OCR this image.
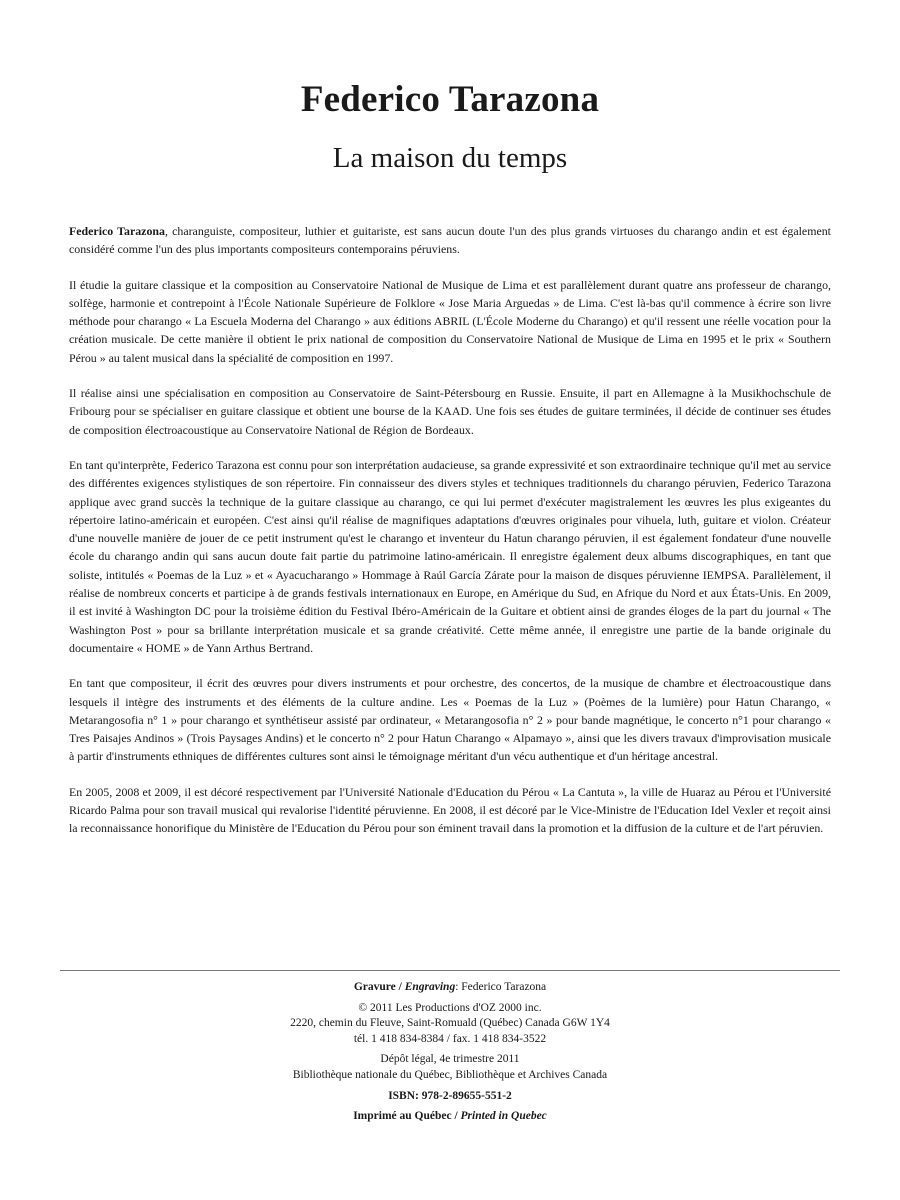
Federico Tarazona
La maison du temps

Federico Tarazona, charanguiste, compositeur, luthier et guitariste, est sans aucun doute l'un des plus grands virtuoses du charango andin et est également considéré comme l'un des plus importants compositeurs contemporains péruviens.

Il étudie la guitare classique et la composition au Conservatoire National de Musique de Lima et est parallèlement durant quatre ans professeur de charango, solfège, harmonie et contrepoint à l'École Nationale Supérieure de Folklore « Jose Maria Arguedas » de Lima. C'est là-bas qu'il commence à écrire son livre méthode pour charango « La Escuela Moderna del Charango » aux éditions ABRIL (L'École Moderne du Charango) et qu'il ressent une réelle vocation pour la création musicale. De cette manière il obtient le prix national de composition du Conservatoire National de Musique de Lima en 1995 et le prix « Southern Pérou » au talent musical dans la spécialité de composition en 1997.

Il réalise ainsi une spécialisation en composition au Conservatoire de Saint-Pétersbourg en Russie. Ensuite, il part en Allemagne à la Musikhochschule de Fribourg pour se spécialiser en guitare classique et obtient une bourse de la KAAD. Une fois ses études de guitare terminées, il décide de continuer ses études de composition électroacoustique au Conservatoire National de Région de Bordeaux.

En tant qu'interprète, Federico Tarazona est connu pour son interprétation audacieuse, sa grande expressivité et son extraordinaire technique qu'il met au service des différentes exigences stylistiques de son répertoire. Fin connaisseur des divers styles et techniques traditionnels du charango péruvien, Federico Tarazona applique avec grand succès la technique de la guitare classique au charango, ce qui lui permet d'exécuter magistralement les œuvres les plus exigeantes du répertoire latino-américain et européen. C'est ainsi qu'il réalise de magnifiques adaptations d'œuvres originales pour vihuela, luth, guitare et violon. Créateur d'une nouvelle manière de jouer de ce petit instrument qu'est le charango et inventeur du Hatun charango péruvien, il est également fondateur d'une nouvelle école du charango andin qui sans aucun doute fait partie du patrimoine latino-américain. Il enregistre également deux albums discographiques, en tant que soliste, intitulés « Poemas de la Luz » et « Ayacucharango » Hommage à Raúl García Zárate pour la maison de disques péruvienne IEMPSA. Parallèlement, il réalise de nombreux concerts et participe à de grands festivals internationaux en Europe, en Amérique du Sud, en Afrique du Nord et aux États-Unis. En 2009, il est invité à Washington DC pour la troisième édition du Festival Ibéro-Américain de la Guitare et obtient ainsi de grandes éloges de la part du journal « The Washington Post » pour sa brillante interprétation musicale et sa grande créativité. Cette même année, il enregistre une partie de la bande originale du documentaire « HOME » de Yann Arthus Bertrand.

En tant que compositeur, il écrit des œuvres pour divers instruments et pour orchestre, des concertos, de la musique de chambre et électroacoustique dans lesquels il intègre des instruments et des éléments de la culture andine. Les « Poemas de la Luz » (Poèmes de la lumière) pour Hatun Charango, « Metarangosofia n° 1 » pour charango et synthétiseur assisté par ordinateur, « Metarangosofia n° 2 » pour bande magnétique, le concerto n°1 pour charango « Tres Paisajes Andinos » (Trois Paysages Andins) et le concerto n° 2 pour Hatun Charango « Alpamayo », ainsi que les divers travaux d'improvisation musicale à partir d'instruments ethniques de différentes cultures sont ainsi le témoignage méritant d'un vécu authentique et d'un héritage ancestral.

En 2005, 2008 et 2009, il est décoré respectivement par l'Université Nationale d'Education du Pérou « La Cantuta », la ville de Huaraz au Pérou et l'Université Ricardo Palma pour son travail musical qui revalorise l'identité péruvienne. En 2008, il est décoré par le Vice-Ministre de l'Education Idel Vexler et reçoit ainsi la reconnaissance honorifique du Ministère de l'Education du Pérou pour son éminent travail dans la promotion et la diffusion de la culture et de l'art péruvien.

Gravure / Engraving: Federico Tarazona
© 2011 Les Productions d'OZ 2000 inc.
2220, chemin du Fleuve, Saint-Romuald (Québec) Canada G6W 1Y4
tél. 1 418 834-8384 / fax. 1 418 834-3522
Dépôt légal, 4e trimestre 2011
Bibliothèque nationale du Québec, Bibliothèque et Archives Canada
ISBN: 978-2-89655-551-2
Imprimé au Québec / Printed in Quebec
